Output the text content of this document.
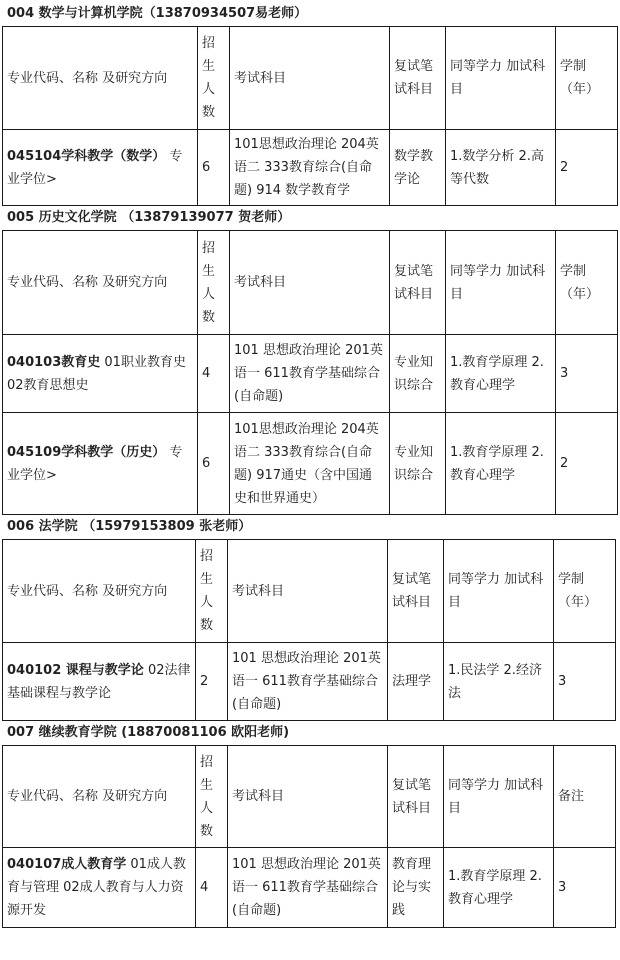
004 数学与计算机学院（13870934507易老师）
专业代码、名称 及研究方向	招生人数	考试科目	复试笔试科目	同等学力 加试科目	学制（年）
045104学科教学（数学） 专业学位>	6	101思想政治理论 204英语二 333教育综合(自命题) 914 数学教育学	数学教学论	1.数学分析 2.高等代数	2
005 历史文化学院 （13879139077 贺老师）
专业代码、名称 及研究方向	招生人数	考试科目	复试笔试科目	同等学力 加试科目	学制（年）
040103教育史 01职业教育史 02教育思想史	4	101 思想政治理论 201英语一 611教育学基础综合(自命题)	专业知识综合	1.教育学原理 2.教育心理学	3
045109学科教学（历史） 专业学位>	6	101思想政治理论 204英语二 333教育综合(自命题) 917通史（含中国通史和世界通史）	专业知识综合	1.教育学原理 2.教育心理学	2
006 法学院 （15979153809 张老师）
专业代码、名称 及研究方向	招生人数	考试科目	复试笔试科目	同等学力 加试科目	学制（年）
040102 课程与教学论 02法律基础课程与教学论	2	101 思想政治理论 201英语一 611教育学基础综合(自命题)	法理学	1.民法学 2.经济法	3
007 继续教育学院 (18870081106 欧阳老师)
专业代码、名称 及研究方向	招生人数	考试科目	复试笔试科目	同等学力 加试科目	备注
040107成人教育学 01成人教育与管理 02成人教育与人力资源开发	4	101 思想政治理论 201英语一 611教育学基础综合(自命题)	教育理论与实践	1.教育学原理 2.教育心理学	3
